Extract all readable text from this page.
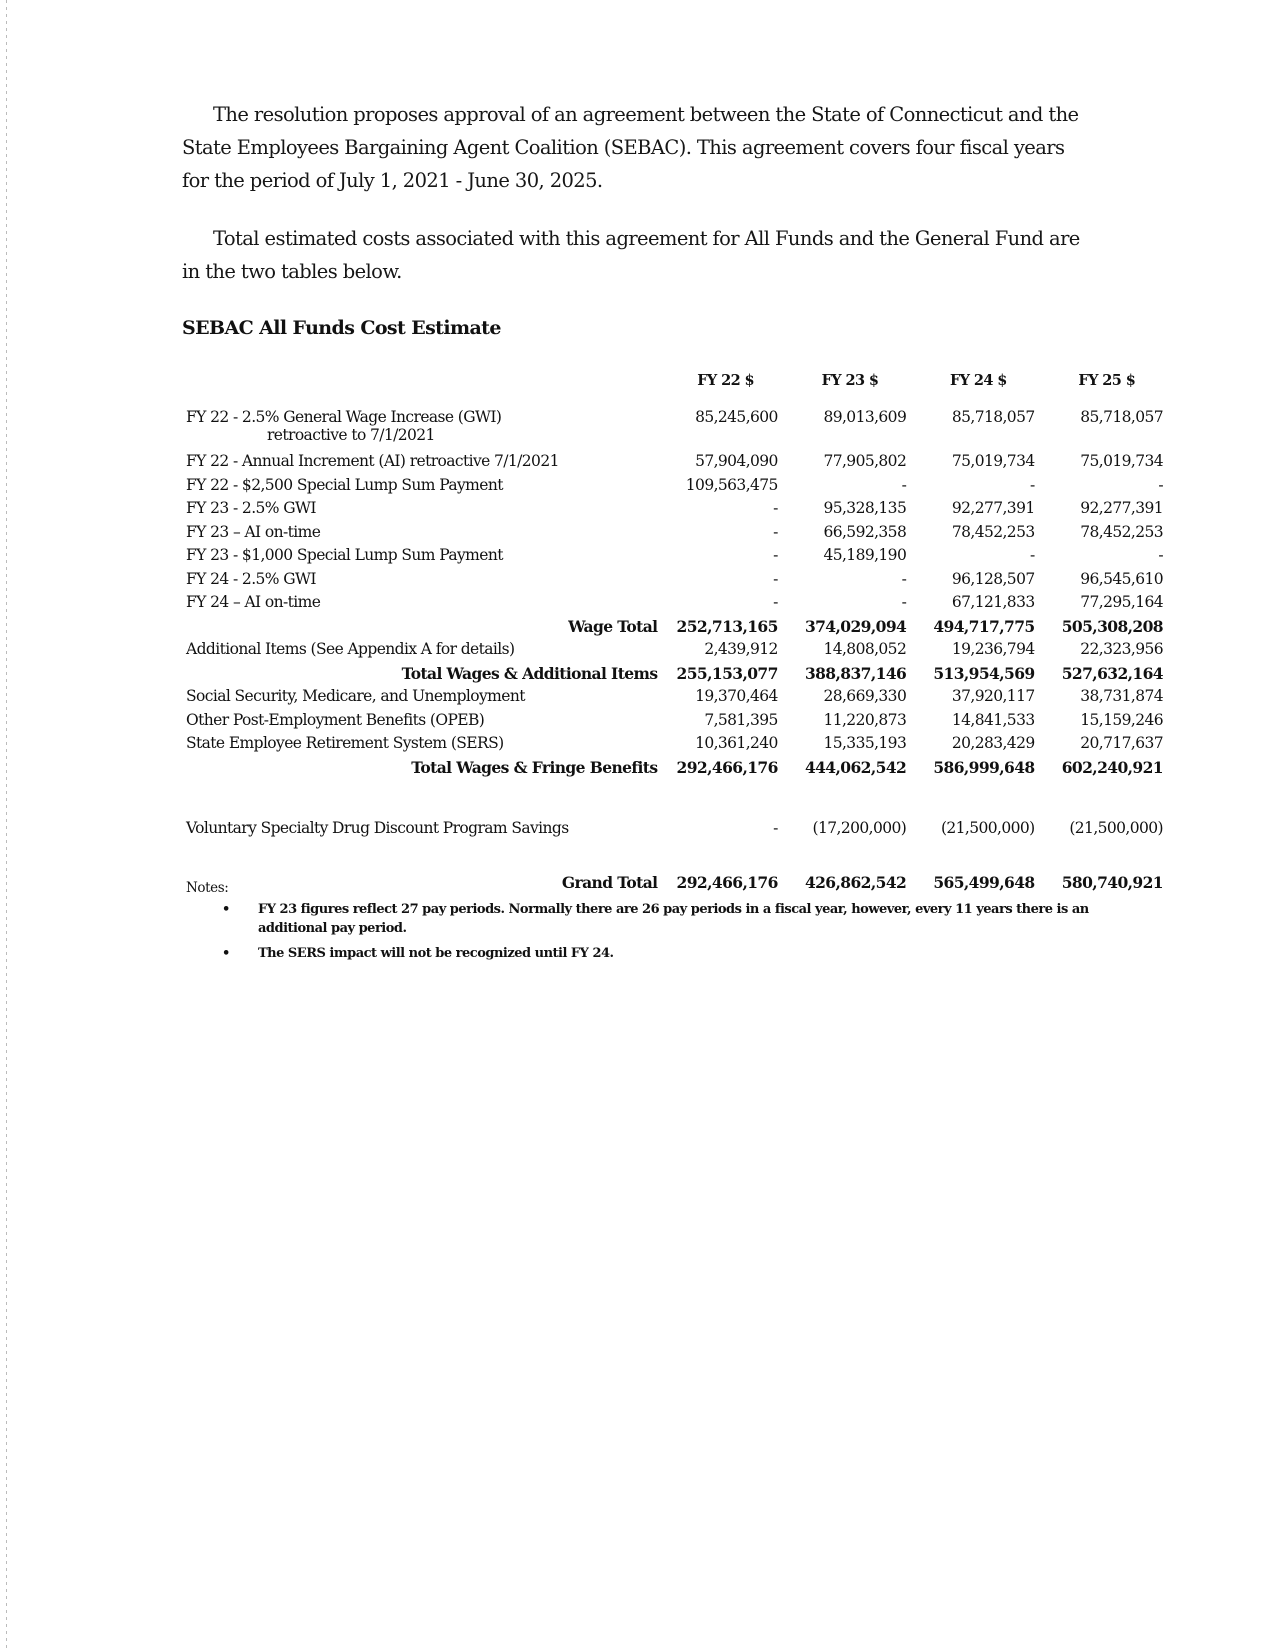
The resolution proposes approval of an agreement between the State of Connecticut and the State Employees Bargaining Agent Coalition (SEBAC). This agreement covers four fiscal years for the period of July 1, 2021 - June 30, 2025.

Total estimated costs associated with this agreement for All Funds and the General Fund are in the two tables below.

SEBAC All Funds Cost Estimate
	FY 22 $	FY 23 $	FY 24 $	FY 25 $
FY 22 - 2.5% General Wage Increase (GWI)
retroactive to 7/1/2021	85,245,600	89,013,609	85,718,057	85,718,057
FY 22 - Annual Increment (AI) retroactive 7/1/2021	57,904,090	77,905,802	75,019,734	75,019,734
FY 22 - $2,500 Special Lump Sum Payment	109,563,475	-	-	-
FY 23 - 2.5% GWI	-	95,328,135	92,277,391	92,277,391
FY 23 – AI on-time	-	66,592,358	78,452,253	78,452,253
FY 23 - $1,000 Special Lump Sum Payment	-	45,189,190	-	-
FY 24 - 2.5% GWI	-	-	96,128,507	96,545,610
FY 24 – AI on-time	-	-	67,121,833	77,295,164
Wage Total	252,713,165	374,029,094	494,717,775	505,308,208
Additional Items (See Appendix A for details)	2,439,912	14,808,052	19,236,794	22,323,956
Total Wages & Additional Items	255,153,077	388,837,146	513,954,569	527,632,164
Social Security, Medicare, and Unemployment	19,370,464	28,669,330	37,920,117	38,731,874
Other Post-Employment Benefits (OPEB)	7,581,395	11,220,873	14,841,533	15,159,246
State Employee Retirement System (SERS)	10,361,240	15,335,193	20,283,429	20,717,637
Total Wages & Fringe Benefits	292,466,176	444,062,542	586,999,648	602,240,921
Voluntary Specialty Drug Discount Program Savings	-	(17,200,000)	(21,500,000)	(21,500,000)
Grand Total	292,466,176	426,862,542	565,499,648	580,740,921
Notes:
• FY 23 figures reflect 27 pay periods. Normally there are 26 pay periods in a fiscal year, however, every 11 years there is an additional pay period.
• The SERS impact will not be recognized until FY 24.
